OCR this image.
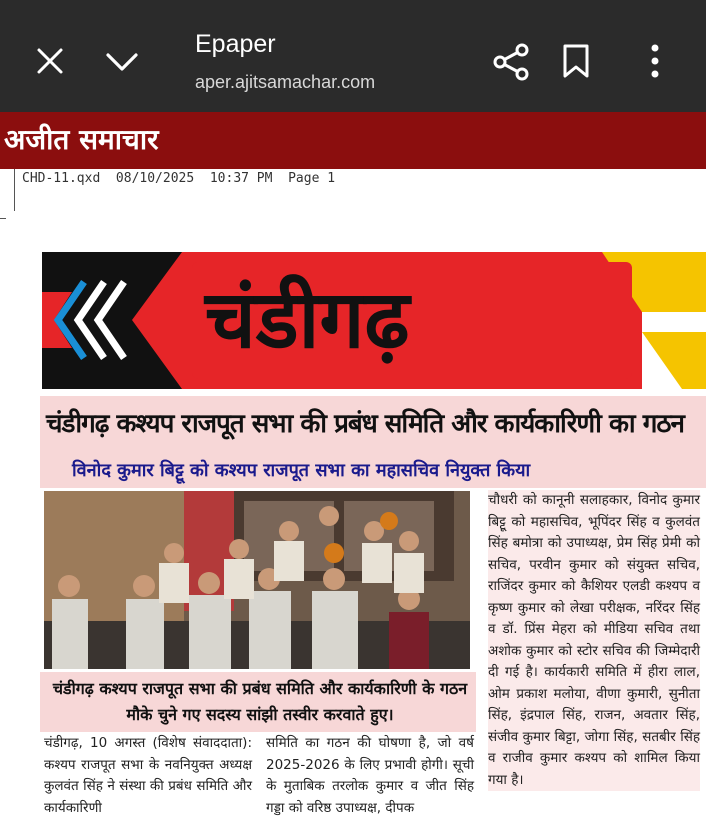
Epaper
aper.ajitsamachar.com
अजीत समाचार
CHD-11.qxd  08/10/2025  10:37 PM  Page 1
चंडीगढ़
चंडीगढ़ कश्यप राजपूत सभा की प्रबंध समिति और कार्यकारिणी का गठन
विनोद कुमार बिट्टू को कश्यप राजपूत सभा का महासचिव नियुक्त किया
चंडीगढ़ कश्यप राजपूत सभा की प्रबंध समिति और कार्यकारिणी के गठन मौके चुने गए सदस्य सांझी तस्वीर करवाते हुए।
चौधरी को कानूनी सलाहकार, विनोद कुमार बिट्टू को महासचिव, भूपिंदर सिंह व कुलवंत सिंह बमोत्रा को उपाध्यक्ष, प्रेम सिंह प्रेमी को सचिव, परवीन कुमार को संयुक्त सचिव, राजिंदर कुमार को कैशियर एलडी कश्यप व कृष्ण कुमार को लेखा परीक्षक, नरिंदर सिंह व डॉ. प्रिंस मेहरा को मीडिया सचिव तथा अशोक कुमार को स्टोर सचिव की जिम्मेदारी दी गई है। कार्यकारी समिति में हीरा लाल, ओम प्रकाश मलोया, वीणा कुमारी, सुनीता सिंह, इंद्रपाल सिंह, राजन, अवतार सिंह, संजीव कुमार बिट्टा, जोगा सिंह, सतबीर सिंह व राजीव कुमार कश्यप को शामिल किया गया है।
चंडीगढ़, 10 अगस्त (विशेष संवाददाता): कश्यप राजपूत सभा के नवनियुक्त अध्यक्ष कुलवंत सिंह ने संस्था की प्रबंध समिति और कार्यकारिणी
समिति का गठन की घोषणा है, जो वर्ष 2025-2026 के लिए प्रभावी होगी। सूची के मुताबिक तरलोक कुमार व जीत सिंह गड्डा को वरिष्ठ उपाध्यक्ष, दीपक
